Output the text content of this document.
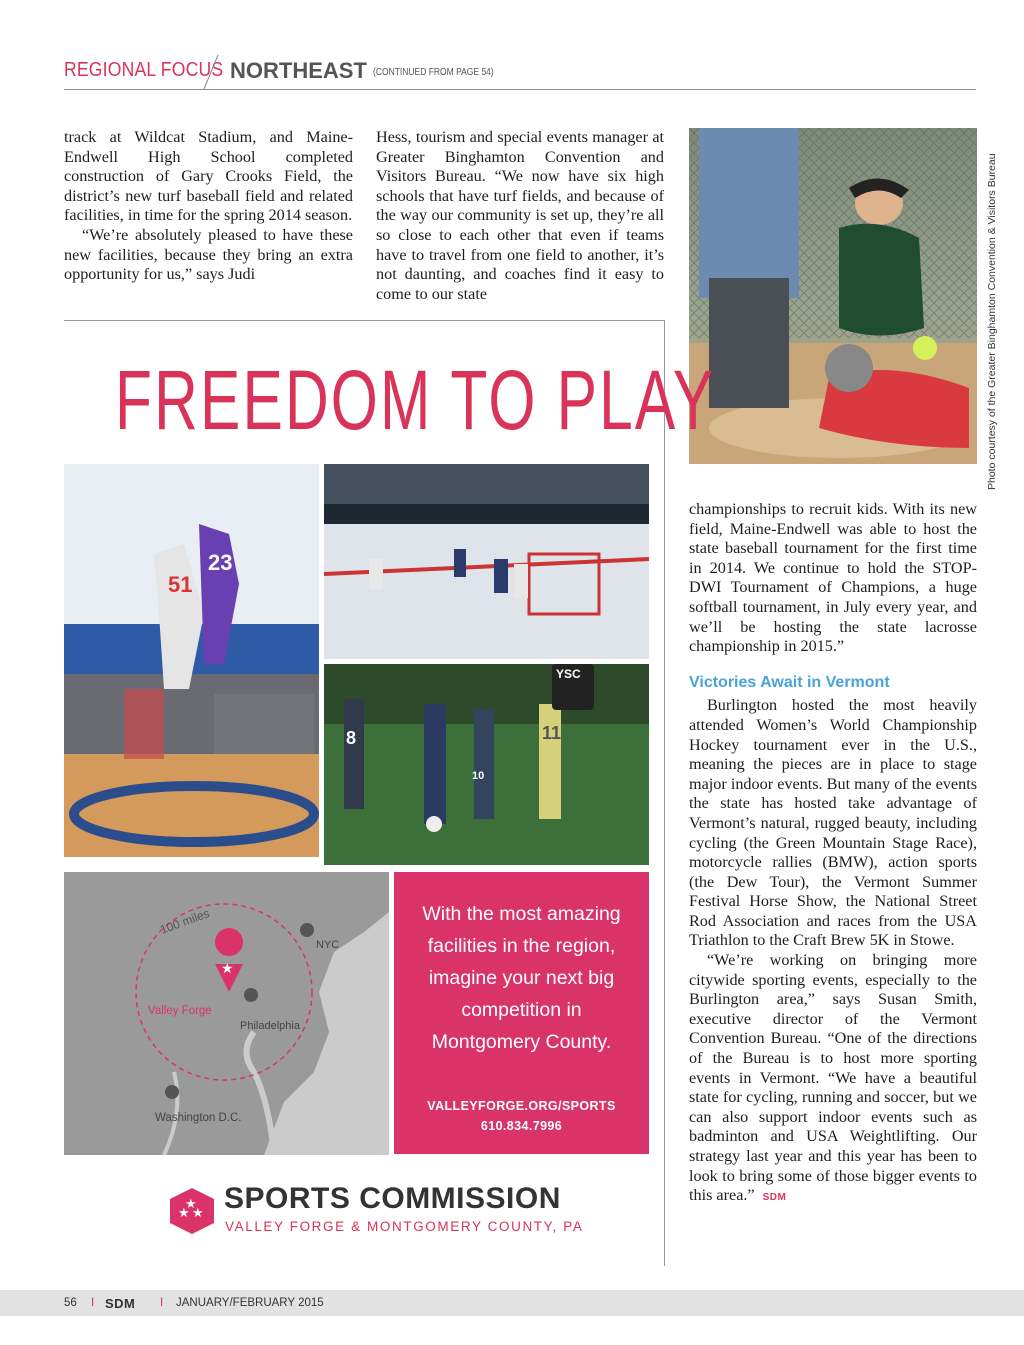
REGIONAL FOCUS NORTHEAST (CONTINUED FROM PAGE 54)

track at Wildcat Stadium, and Maine-Endwell High School completed construction of Gary Crooks Field, the district’s new turf baseball field and related facilities, in time for the spring 2014 season.

“We’re absolutely pleased to have these new facilities, because they bring an extra opportunity for us,” says Judi

Hess, tourism and special events manager at Greater Binghamton Convention and Visitors Bureau. “We now have six high schools that have turf fields, and because of the way our community is set up, they’re all so close to each other that even if teams have to travel from one field to another, it’s not daunting, and coaches find it easy to come to our state	Photo courtesy of the Greater Binghamton Convention & Visitors Bureau

championships to recruit kids. With its new field, Maine-Endwell was able to host the state baseball tournament for the first time in 2014. We continue to hold the STOP-DWI Tournament of Champions, a huge softball tournament, in July every year, and we’ll be hosting the state lacrosse championship in 2015.”

Victories Await in Vermont

Burlington hosted the most heavily attended Women’s World Championship Hockey tournament ever in the U.S., meaning the pieces are in place to stage major indoor events. But many of the events the state has hosted take advantage of Vermont’s natural, rugged beauty, including cycling (the Green Mountain Stage Race), motorcycle rallies (BMW), action sports (the Dew Tour), the Vermont Summer Festival Horse Show, the National Street Rod Association and races from the USA Triathlon to the Craft Brew 5K in Stowe.

“We’re working on bringing more citywide sporting events, especially to the Burlington area,” says Susan Smith, executive director of the Vermont Convention Bureau. “One of the directions of the Bureau is to host more sporting events in Vermont. “We have a beautiful state for cycling, running and soccer, but we can also support indoor events such as badminton and USA Weightlifting. Our strategy last year and this year has been to look to bring some of those bigger events to this area.” SDM

FREEDOM TO PLAY
51
23
YSC
8
10
11
★
100 miles
NYC
Valley Forge
Philadelphia
Washington D.C.
With the most amazing
facilities in the region,
imagine your next big
competition in
Montgomery County.
VALLEYFORGE.ORG/SPORTS
610.834.7996
★ ★
★ SPORTS COMMISSION
VALLEY FORGE & MONTGOMERY COUNTY, PA
56 I SDM I JANUARY/FEBRUARY 2015
